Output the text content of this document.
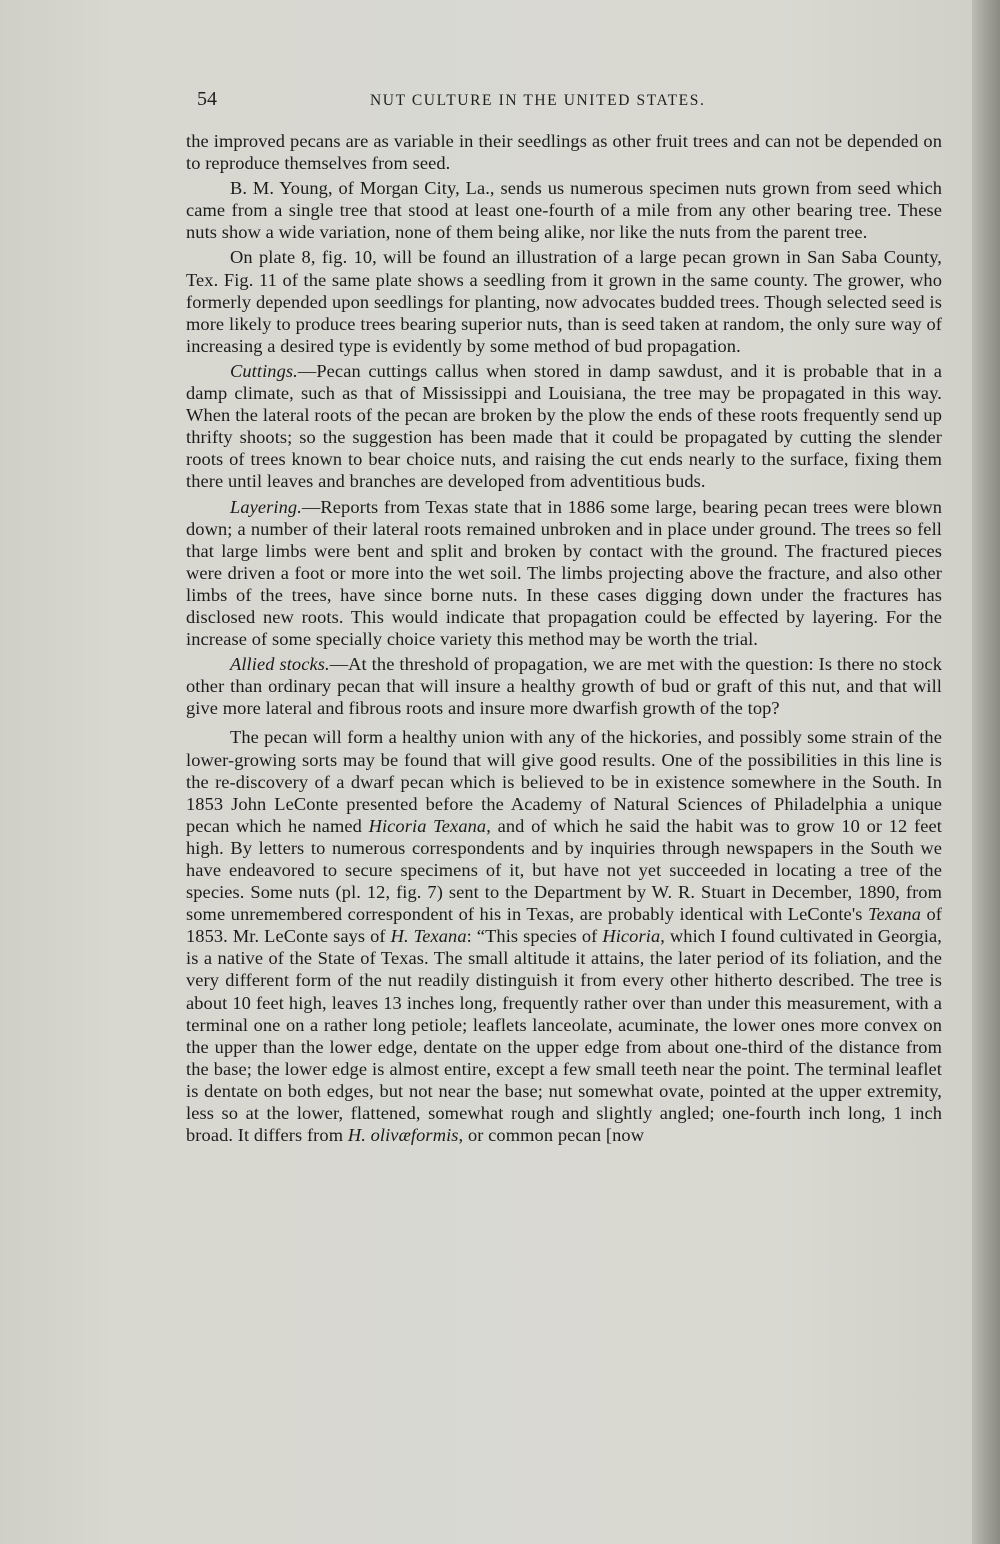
54	NUT CULTURE IN THE UNITED STATES.

the improved pecans are as variable in their seedlings as other fruit trees and can not be depended on to reproduce themselves from seed.

B. M. Young, of Morgan City, La., sends us numerous specimen nuts grown from seed which came from a single tree that stood at least one-fourth of a mile from any other bearing tree. These nuts show a wide variation, none of them being alike, nor like the nuts from the parent tree.

On plate 8, fig. 10, will be found an illustration of a large pecan grown in San Saba County, Tex. Fig. 11 of the same plate shows a seedling from it grown in the same county. The grower, who formerly depended upon seedlings for planting, now advocates budded trees. Though selected seed is more likely to produce trees bearing superior nuts, than is seed taken at random, the only sure way of increasing a desired type is evidently by some method of bud propagation.

Cuttings.—Pecan cuttings callus when stored in damp sawdust, and it is probable that in a damp climate, such as that of Mississippi and Louisiana, the tree may be propagated in this way. When the lateral roots of the pecan are broken by the plow the ends of these roots frequently send up thrifty shoots; so the suggestion has been made that it could be propagated by cutting the slender roots of trees known to bear choice nuts, and raising the cut ends nearly to the surface, fixing them there until leaves and branches are developed from adventitious buds.

Layering.—Reports from Texas state that in 1886 some large, bearing pecan trees were blown down; a number of their lateral roots remained unbroken and in place under ground. The trees so fell that large limbs were bent and split and broken by contact with the ground. The fractured pieces were driven a foot or more into the wet soil. The limbs projecting above the fracture, and also other limbs of the trees, have since borne nuts. In these cases digging down under the fractures has disclosed new roots. This would indicate that propagation could be effected by layering. For the increase of some specially choice variety this method may be worth the trial.

Allied stocks.—At the threshold of propagation, we are met with the question: Is there no stock other than ordinary pecan that will insure a healthy growth of bud or graft of this nut, and that will give more lateral and fibrous roots and insure more dwarfish growth of the top?

The pecan will form a healthy union with any of the hickories, and possibly some strain of the lower-growing sorts may be found that will give good results. One of the possibilities in this line is the re-discovery of a dwarf pecan which is believed to be in existence somewhere in the South. In 1853 John LeConte presented before the Academy of Natural Sciences of Philadelphia a unique pecan which he named Hicoria Texana, and of which he said the habit was to grow 10 or 12 feet high. By letters to numerous correspondents and by inquiries through newspapers in the South we have endeavored to secure specimens of it, but have not yet succeeded in locating a tree of the species. Some nuts (pl. 12, fig. 7) sent to the Department by W. R. Stuart in December, 1890, from some unremembered correspondent of his in Texas, are probably identical with LeConte's Texana of 1853. Mr. LeConte says of H. Texana: “This species of Hicoria, which I found cultivated in Georgia, is a native of the State of Texas. The small altitude it attains, the later period of its foliation, and the very different form of the nut readily distinguish it from every other hitherto described. The tree is about 10 feet high, leaves 13 inches long, frequently rather over than under this measurement, with a terminal one on a rather long petiole; leaflets lanceolate, acuminate, the lower ones more convex on the upper than the lower edge, dentate on the upper edge from about one-third of the distance from the base; the lower edge is almost entire, except a few small teeth near the point. The terminal leaflet is dentate on both edges, but not near the base; nut somewhat ovate, pointed at the upper extremity, less so at the lower, flattened, somewhat rough and slightly angled; one-fourth inch long, 1 inch broad. It differs from H. olivæformis, or common pecan [now
